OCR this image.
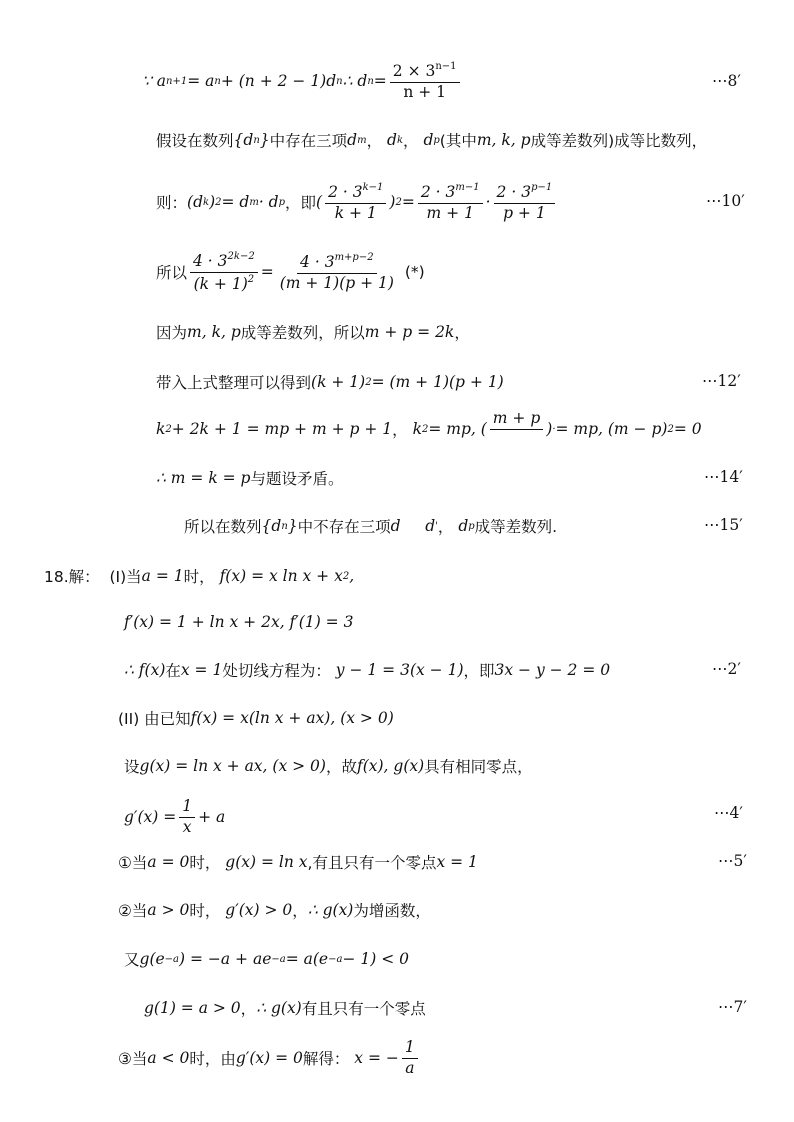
∵ a n+1 = a n + (n + 2 − 1)d n ∴ d $n = \frac{2 \times 3^{n-1}}{n + 1}$	⋯8′
假设在数列 {d n } 中存在三项 d m ， d k ， d p (其中 m, k, p 成等差数列)成等比数列，
则： (d k ) 2 = d m · d p ，即 ( $\frac{2 \cdot 3^{k-1}}{k + 1}$ ) $2 = \frac{2 \cdot 3^{m-1}}{m + 1} \cdot \frac{2 \cdot 3^{p-1}}{p + 1}$	⋯10′
所以 $\frac{4 \cdot 3^{2k-2}}{(k + 1)^2} = \frac{4 \cdot 3^{m+p-2}}{(m + 1)(p + 1)}$
(*)
因为 m, k, p 成等差数列，所以 m + p = 2k ，
带入上式整理可以得到 (k + 1) 2 = (m + 1)(p + 1)	⋯12′
k 2 + 2k + 1 = mp + m + p + 1 ， k 2 = mp, (
m + p

) · = mp, (m − p) 2 = 0
∴ m = k = p 与题设矛盾。	⋯14′
所以在数列 {d n } 中不存在三项 d     d ' ， d p 成等差数列.	⋯15′
18.解：  (I)当 a = 1 时， f(x) = x ln x + x 2 ,
f′(x) = 1 + ln x + 2x, f′(1) = 3
∴ f(x) 在 x = 1 处切线方程为： y − 1 = 3(x − 1) ，即 3x − y − 2 = 0	⋯2′
(II) 由已知 f(x) = x(ln x + ax), (x > 0)
设 g(x) = ln x + ax, (x > 0) ，故 f(x), g(x) 具有相同零点，
$g'(x) = \frac{1}{x} + a$	⋯4′
①当 a = 0 时， g(x) = ln x ,有且只有一个零点 x = 1	⋯5′
②当 a > 0 时， g′(x) > 0 ， ∴ g(x) 为增函数，
又 g(e −a ) = −a + ae −a = a(e −a − 1) < 0
g(1) = a > 0 ， ∴ g(x) 有且只有一个零点	⋯7′
③当 a < 0 时，由 g′(x) = 0 解得： x = − $\frac{1}{a}$
